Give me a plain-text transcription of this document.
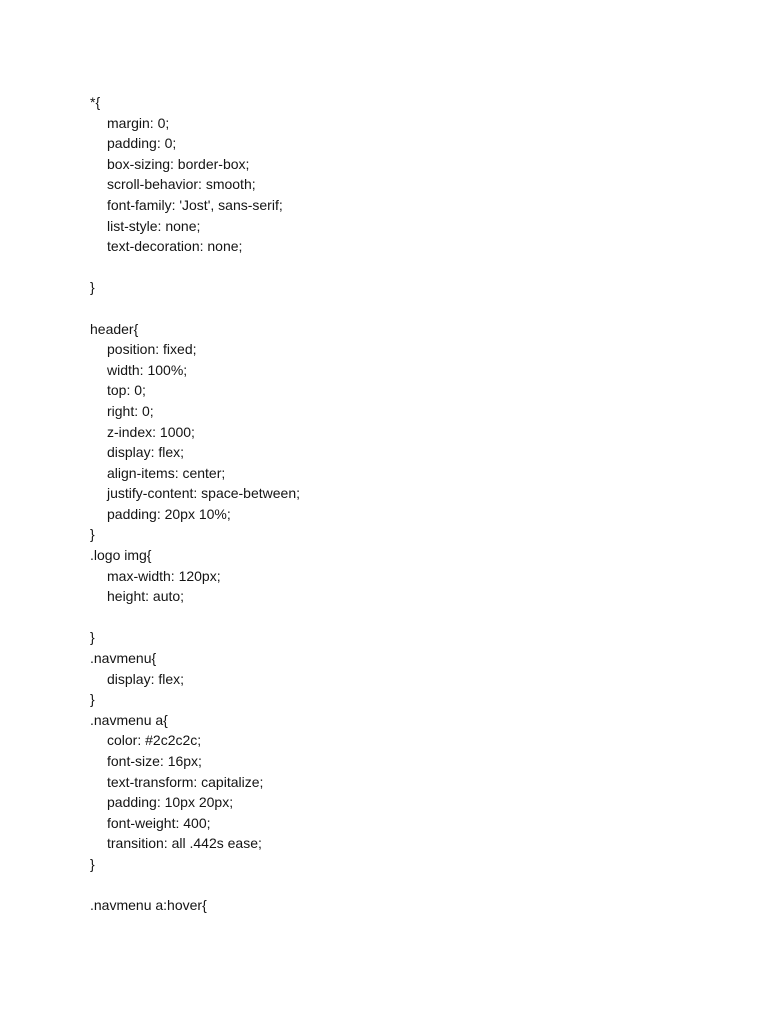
*{
margin: 0;
padding: 0;
box-sizing: border-box;
scroll-behavior: smooth;
font-family: 'Jost', sans-serif;
list-style: none;
text-decoration: none;
}
header{
position: fixed;
width: 100%;
top: 0;
right: 0;
z-index: 1000;
display: flex;
align-items: center;
justify-content: space-between;
padding: 20px 10%;
}
.logo img{
max-width: 120px;
height: auto;
}
.navmenu{
display: flex;
}
.navmenu a{
color: #2c2c2c;
font-size: 16px;
text-transform: capitalize;
padding: 10px 20px;
font-weight: 400;
transition: all .442s ease;
}
.navmenu a:hover{
